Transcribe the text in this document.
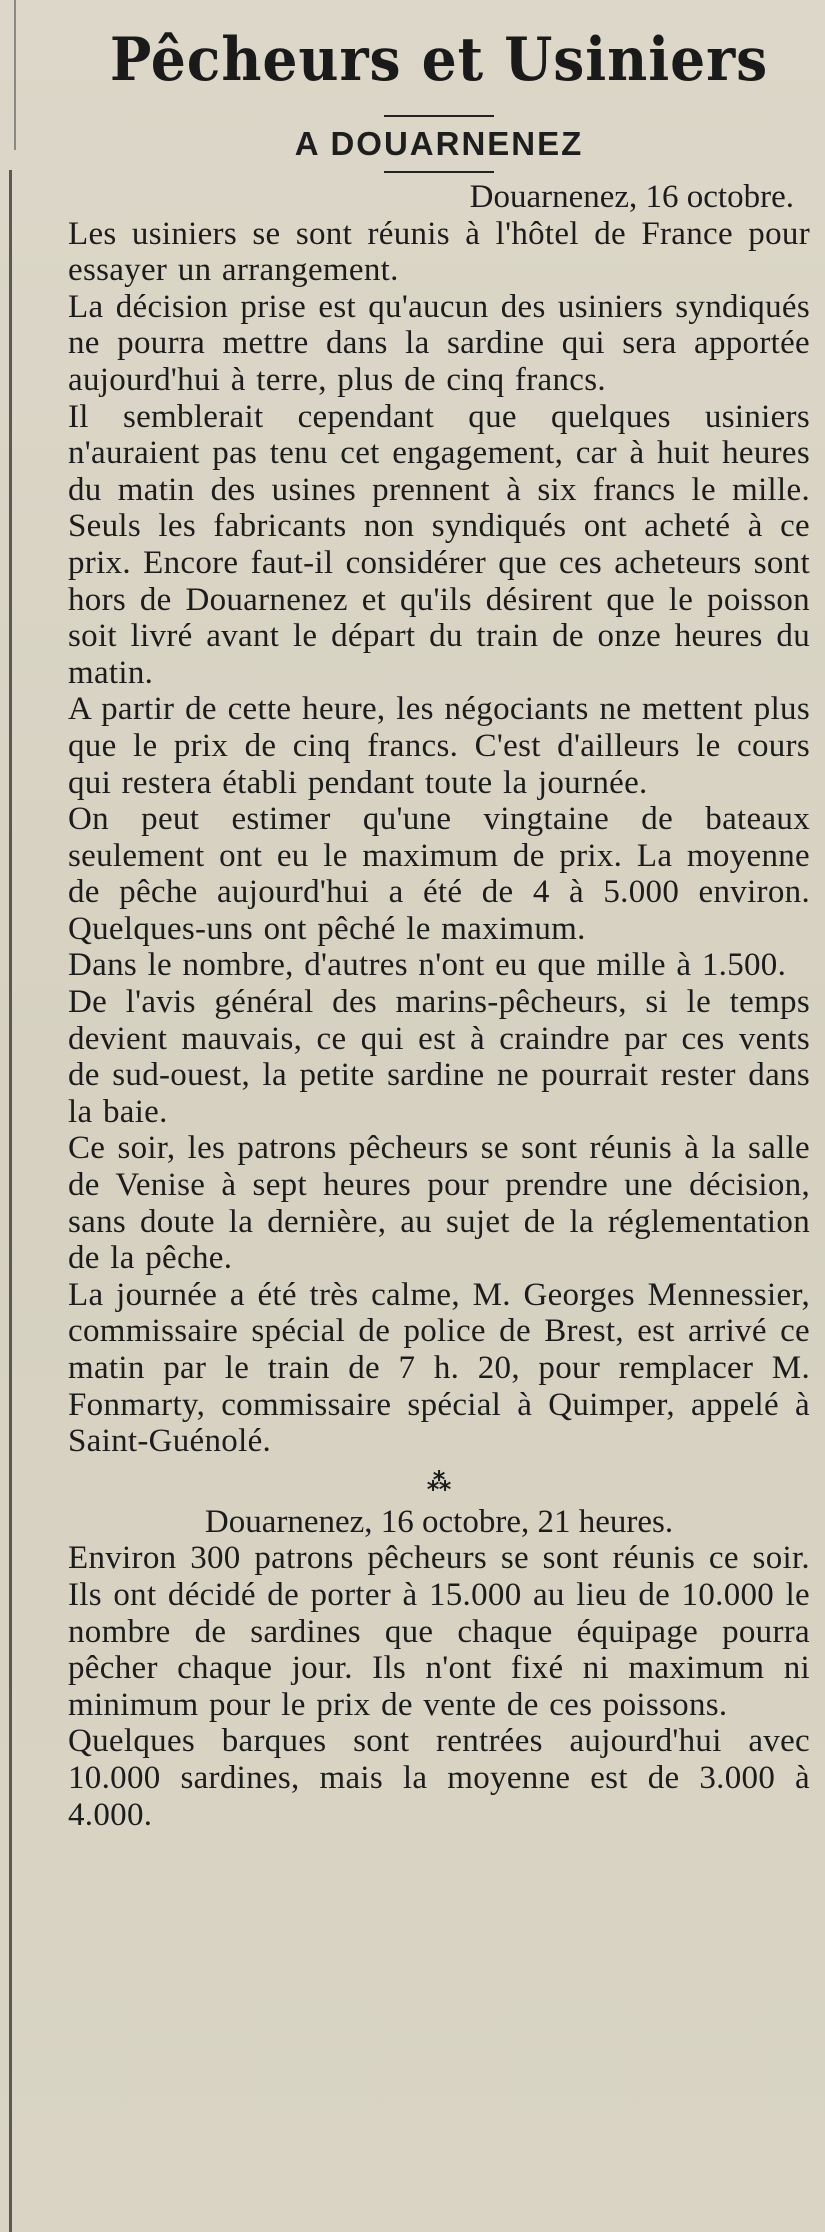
Pêcheurs et Usiniers
A DOUARNENEZ

Douarnenez, 16 octobre.

Les usiniers se sont réunis à l'hôtel de France pour essayer un arrangement.

La décision prise est qu'aucun des usiniers syndiqués ne pourra mettre dans la sardine qui sera apportée aujourd'hui à terre, plus de cinq francs.

Il semblerait cependant que quelques usiniers n'auraient pas tenu cet engagement, car à huit heures du matin des usines prennent à six francs le mille. Seuls les fabricants non syndiqués ont acheté à ce prix. Encore faut-il considérer que ces acheteurs sont hors de Douarnenez et qu'ils désirent que le poisson soit livré avant le départ du train de onze heures du matin.

A partir de cette heure, les négociants ne mettent plus que le prix de cinq francs. C'est d'ailleurs le cours qui restera établi pendant toute la journée.

On peut estimer qu'une vingtaine de bateaux seulement ont eu le maximum de prix. La moyenne de pêche aujourd'hui a été de 4 à 5.000 environ. Quelques-uns ont pêché le maximum.

Dans le nombre, d'autres n'ont eu que mille à 1.500.

De l'avis général des marins-pêcheurs, si le temps devient mauvais, ce qui est à craindre par ces vents de sud-ouest, la petite sardine ne pourrait rester dans la baie.

Ce soir, les patrons pêcheurs se sont réunis à la salle de Venise à sept heures pour prendre une décision, sans doute la dernière, au sujet de la réglementation de la pêche.

La journée a été très calme, M. Georges Mennessier, commissaire spécial de police de Brest, est arrivé ce matin par le train de 7 h. 20, pour remplacer M. Fonmarty, commissaire spécial à Quimper, appelé à Saint-Guénolé.

⁂

Douarnenez, 16 octobre, 21 heures.

Environ 300 patrons pêcheurs se sont réunis ce soir. Ils ont décidé de porter à 15.000 au lieu de 10.000 le nombre de sardines que chaque équipage pourra pêcher chaque jour. Ils n'ont fixé ni maximum ni minimum pour le prix de vente de ces poissons.

Quelques barques sont rentrées aujourd'hui avec 10.000 sardines, mais la moyenne est de 3.000 à 4.000.
